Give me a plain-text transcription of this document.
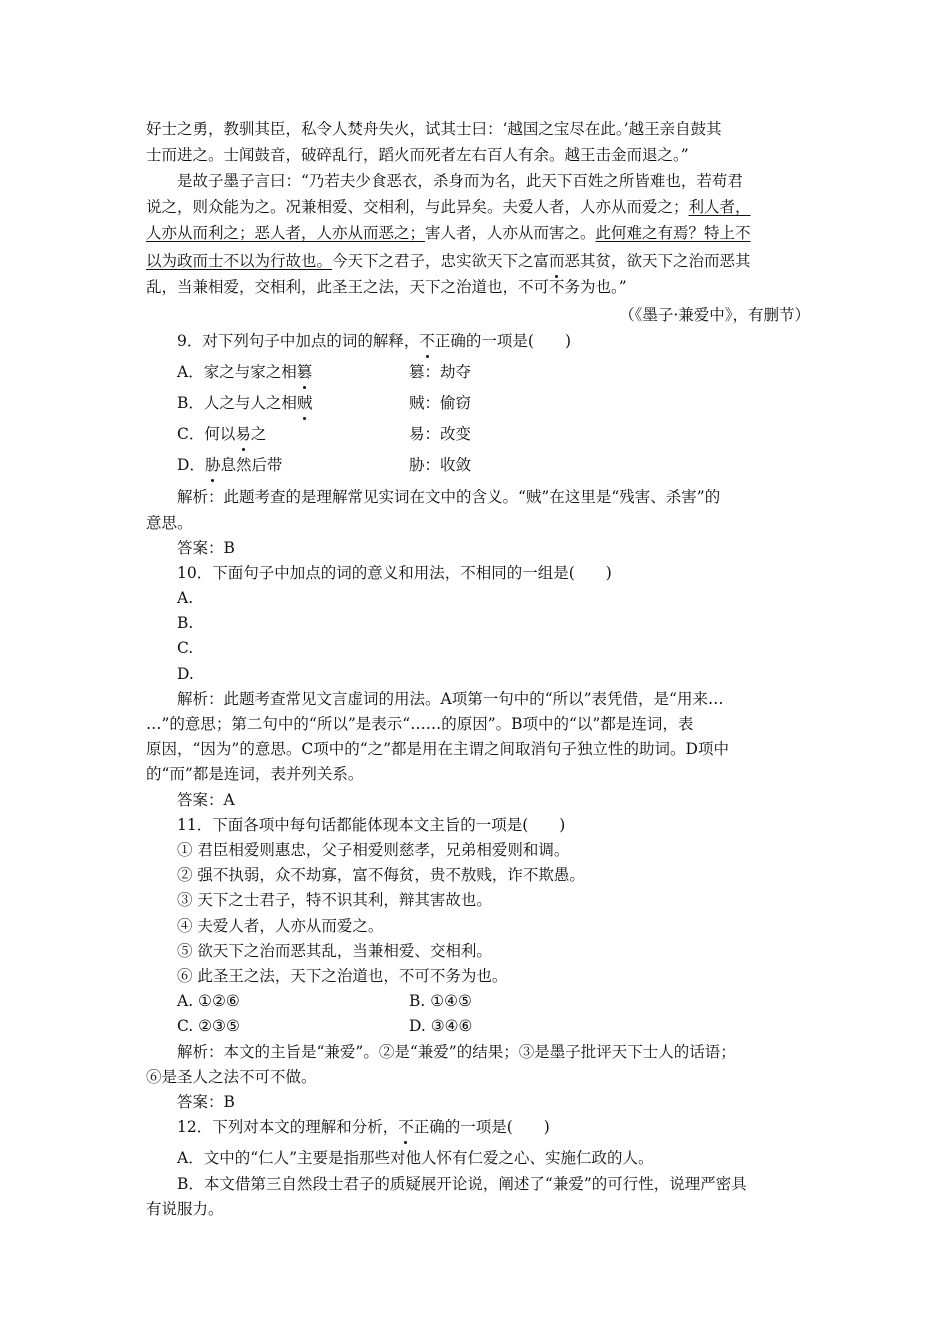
好士之勇，教驯其臣，私令人焚舟失火，试其士曰：‘越国之宝尽在此。’越王亲自鼓其
士而进之。士闻鼓音，破碎乱行，蹈火而死者左右百人有余。越王击金而退之。”
是故子墨子言曰：“乃若夫少食恶衣，杀身而为名，此天下百姓之所皆难也，若苟君
说之，则众能为之。况兼相爱、交相利，与此异矣。夫爱人者，人亦从而爱之；利人者，
人亦从而利之；恶人者，人亦从而恶之；害人者，人亦从而害之。此何难之有焉？特上不
以为政而士不以为行故也。今天下之君子，忠实欲天下之富而恶其贫，欲天下之治而恶其
乱，当兼相爱，交相利，此圣王之法，天下之治道也，不可不务为也。”
（《墨子·兼爱中》，有删节）
9．对下列句子中加点的词的解释，不正确的一项是(　　)
A．家之与家之相篡	篡：劫夺
B．人之与人之相贼	贼：偷窃
C．何以易之	易：改变
D．胁息然后带	胁：收敛
解析：此题考查的是理解常见实词在文中的含义。“贼”在这里是“残害、杀害”的
意思。
答案：B
10．下面句子中加点的词的意义和用法，不相同的一组是(　　)
A.
B.
C.
D.
解析：此题考查常见文言虚词的用法。A项第一句中的“所以”表凭借，是“用来…
…”的意思；第二句中的“所以”是表示“……的原因”。B项中的“以”都是连词，表
原因，“因为”的意思。C项中的“之”都是用在主谓之间取消句子独立性的助词。D项中
的“而”都是连词，表并列关系。
答案：A
11．下面各项中每句话都能体现本文主旨的一项是(　　)
① 君臣相爱则惠忠，父子相爱则慈孝，兄弟相爱则和调。
② 强不执弱，众不劫寡，富不侮贫，贵不敖贱，诈不欺愚。
③ 天下之士君子，特不识其利，辩其害故也。
④ 夫爱人者，人亦从而爱之。
⑤ 欲天下之治而恶其乱，当兼相爱、交相利。
⑥ 此圣王之法，天下之治道也，不可不务为也。
A. ①②⑥	B. ①④⑤
C. ②③⑤	D. ③④⑥
解析：本文的主旨是“兼爱”。②是“兼爱”的结果；③是墨子批评天下士人的话语；
⑥是圣人之法不可不做。
答案：B
12．下列对本文的理解和分析，不正确的一项是(　　)
A．文中的“仁人”主要是指那些对他人怀有仁爱之心、实施仁政的人。
B．本文借第三自然段士君子的质疑展开论说，阐述了“兼爱”的可行性，说理严密具
有说服力。
